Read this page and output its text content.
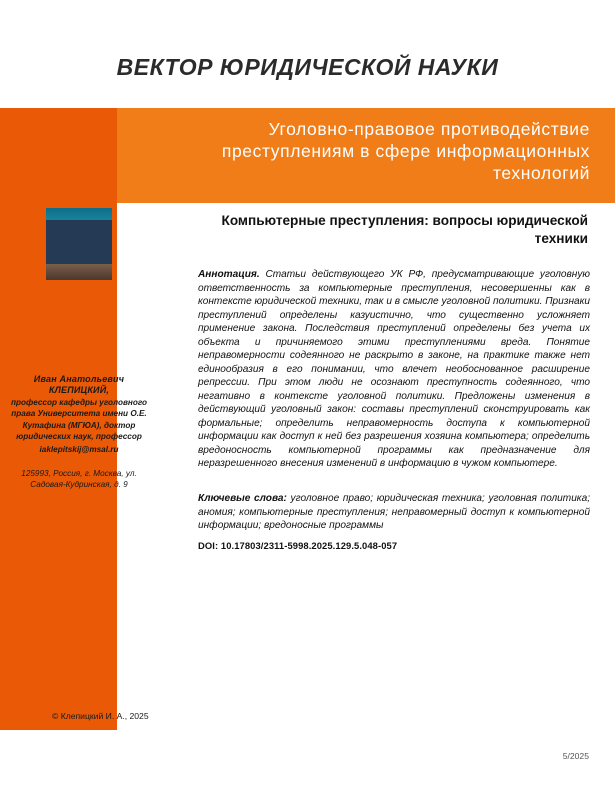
ВЕКТОР ЮРИДИЧЕСКОЙ НАУКИ
Уголовно-правовое противодействие преступлениям в сфере информационных технологий
Иван Анатольевич КЛЕПИЦКИЙ,
профессор кафедры уголовного права Университета имени О.Е. Кутафина (МГЮА), доктор юридических наук, профессор
iaklepitskij@msal.ru
125993, Россия, г. Москва, ул. Садовая-Кудринская, д. 9
Компьютерные преступления: вопросы юридической техники
Аннотация. Статьи действующего УК РФ, предусматривающие уголовную ответственность за компьютерные преступления, несовершенны как в контексте юридической техники, так и в смысле уголовной политики. Признаки преступлений определены казуистично, что существенно усложняет применение закона. Последствия преступлений определены без учета их объекта и причиняемого этими преступлениями вреда. Понятие неправомерности содеянного не раскрыто в законе, на практике также нет единообразия в его понимании, что влечет необоснованное расширение репрессии. При этом люди не осознают преступность содеянного, что негативно в контексте уголовной политики. Предложены изменения в действующий уголовный закон: составы преступлений сконструировать как формальные; определить неправомерность доступа к компьютерной информации как доступ к ней без разрешения хозяина компьютера; определить вредоносность компьютерной программы как предназначение для неразрешенного внесения изменений в информацию в чужом компьютере.
Ключевые слова: уголовное право; юридическая техника; уголовная политика; аномия; компьютерные преступления; неправомерный доступ к компьютерной информации; вредоносные программы
DOI: 10.17803/2311-5998.2025.129.5.048-057
© Клепицкий И. А., 2025
5/2025
